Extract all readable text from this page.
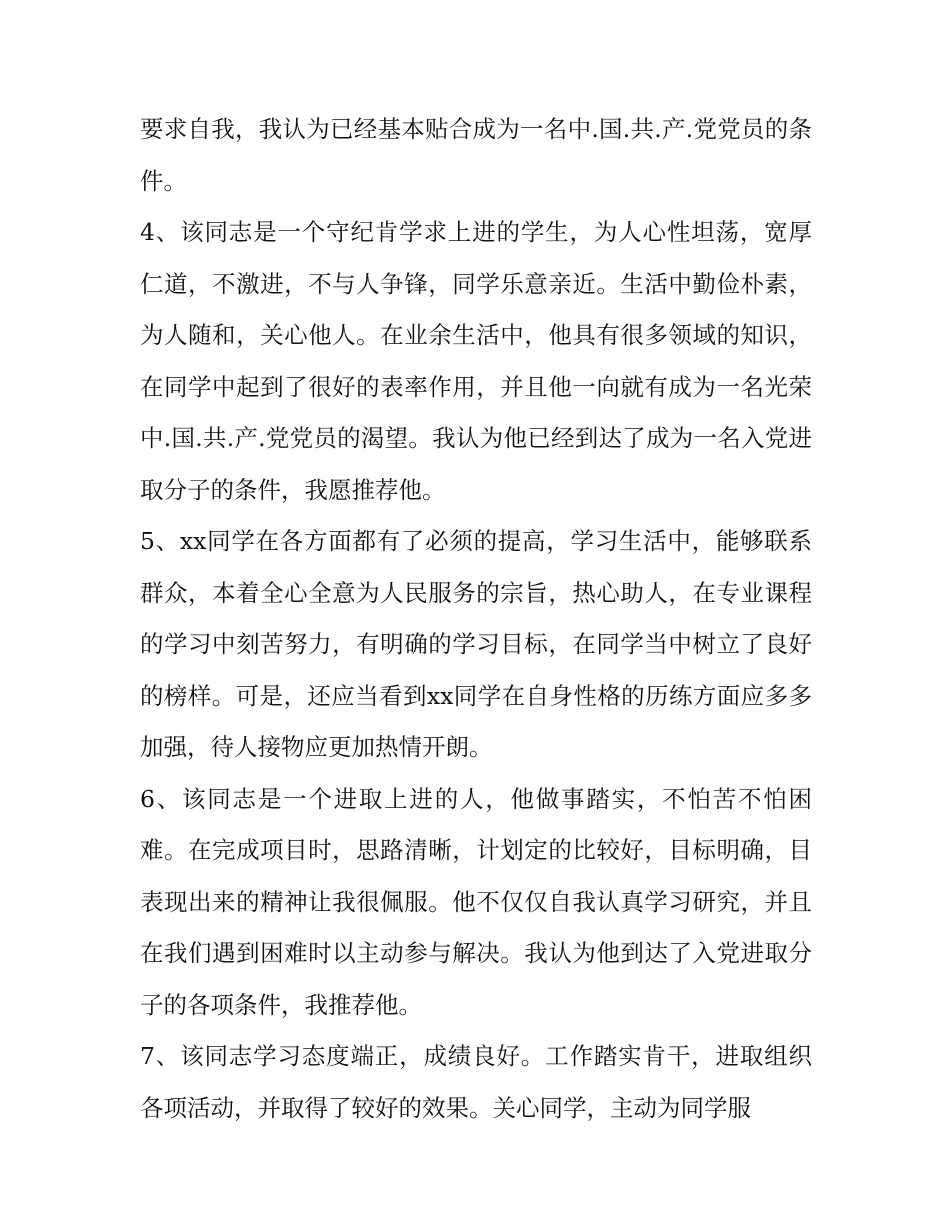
要求自我，我认为已经基本贴合成为一名中.国.共.产.党党员的条件。

4、该同志是一个守纪肯学求上进的学生，为人心性坦荡，宽厚仁道，不激进，不与人争锋，同学乐意亲近。生活中勤俭朴素，为人随和，关心他人。在业余生活中，他具有很多领域的知识，在同学中起到了很好的表率作用，并且他一向就有成为一名光荣中.国.共.产.党党员的渴望。我认为他已经到达了成为一名入党进取分子的条件，我愿推荐他。

5、xx同学在各方面都有了必须的提高，学习生活中，能够联系群众，本着全心全意为人民服务的宗旨，热心助人，在专业课程的学习中刻苦努力，有明确的学习目标，在同学当中树立了良好的榜样。可是，还应当看到xx同学在自身性格的历练方面应多多加强，待人接物应更加热情开朗。

6、该同志是一个进取上进的人，他做事踏实，不怕苦不怕困难。在完成项目时，思路清晰，计划定的比较好，目标明确，目表现出来的精神让我很佩服。他不仅仅自我认真学习研究，并且在我们遇到困难时以主动参与解决。我认为他到达了入党进取分子的各项条件，我推荐他。

7、该同志学习态度端正，成绩良好。工作踏实肯干，进取组织各项活动，并取得了较好的效果。关心同学，主动为同学服
